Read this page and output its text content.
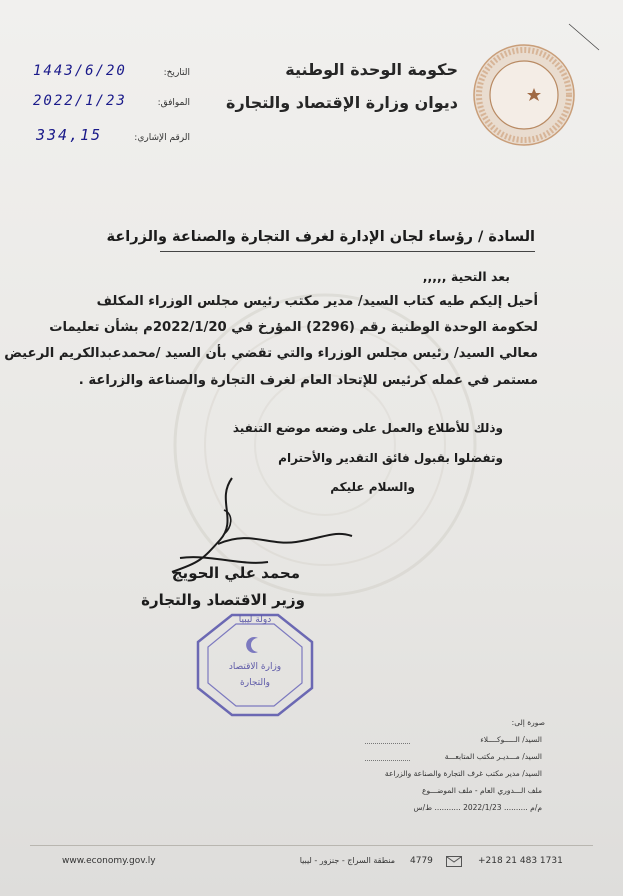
حكومة الوحدة الوطنية
ديوان وزارة الإقتصاد والتجارة
التاريخ:
1443/6/20
الموافق:
2022/1/23
الرقم الإشاري:
334,15
السادة / رؤساء لجان الإدارة لغرف التجارة والصناعة والزراعة
بعد التحية ,,,,,
أحيل إليكم طيه كتاب السيد/ مدير مكتب رئيس مجلس الوزراء المكلف
لحكومة الوحدة الوطنية رقم (2296) المؤرخ في 2022/1/20م بشأن تعليمات
معالي السيد/ رئيس مجلس الوزراء والتي تقضي بأن السيد /محمدعبدالكريم الرعيض
مستمر في عمله كرئيس للإتحاد العام لغرف التجارة والصناعة والزراعة .
وذلك للأطلاع والعمل على وضعه موضع التنفيذ
وتفضلوا بقبول فائق التقدير والأحترام
والسلام عليكم
محمد علي الحويج
وزير الاقتصاد والتجارة
دولة ليبيا
وزارة الاقتصاد
والتجارة
صورة إلى:
السيد/ الـــــوكــــلاء
السيد/ مـــديـر مكتب المتابعـــة
السيد/ مدير مكتب غرف التجارة والصناعة والزراعة
ملف الـــدوري العام - ملف الموضـــوع
م/م .......... 2022/1/23 ........... ط/س
www.economy.gov.ly	منطقة السراج - جنزور - ليبيا 4779	+218 21 483 1731
